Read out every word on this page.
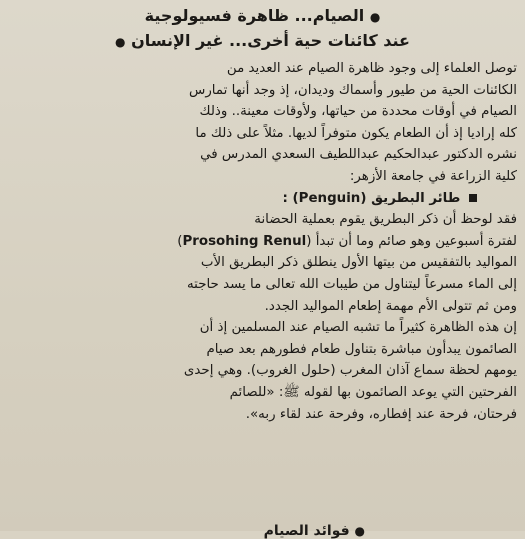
● الصيام... ظاهرة فسيولوجية
عند كائنات حية أخرى... غير الإنسان ●

توصل العلماء إلى وجود ظاهرة الصيام عند العديد من
الكائنات الحية من طيور وأسماك وديدان، إذ وجد أنها تمارس
الصيام في أوقات محددة من حياتها، ولأوقات معينة.. وذلك
كله إراديا إذ أن الطعام يكون متوفراً لديها. مثلاً على ذلك ما
نشره الدكتور عبدالحكيم عبداللطيف السعدي المدرس في
كلية الزراعة في جامعة الأزهر:

طائر البطريق (Penguin) :

فقد لوحظ أن ذكر البطريق يقوم بعملية الحضانة
لفترة أسبوعين وهو صائم وما أن تبدأ (Prosohing Renul)
المواليد بالتفقيس من بيتها الأول ينطلق ذكر البطريق الأب
إلى الماء مسرعاً ليتناول من طيبات الله تعالى ما يسد حاجته
ومن ثم تتولى الأم مهمة إطعام المواليد الجدد.
إن هذه الظاهرة كثيراً ما تشبه الصيام عند المسلمين إذ أن
الصائمون يبدأون مباشرة بتناول طعام فطورهم بعد صيام
يومهم لحظة سماع آذان المغرب (حلول الغروب). وهي إحدى
الفرحتين التي يوعد الصائمون بها لقوله ﷺ: «للصائم
فرحتان، فرحة عند إفطاره، وفرحة عند لقاء ربه».

● فوائد الصيام
